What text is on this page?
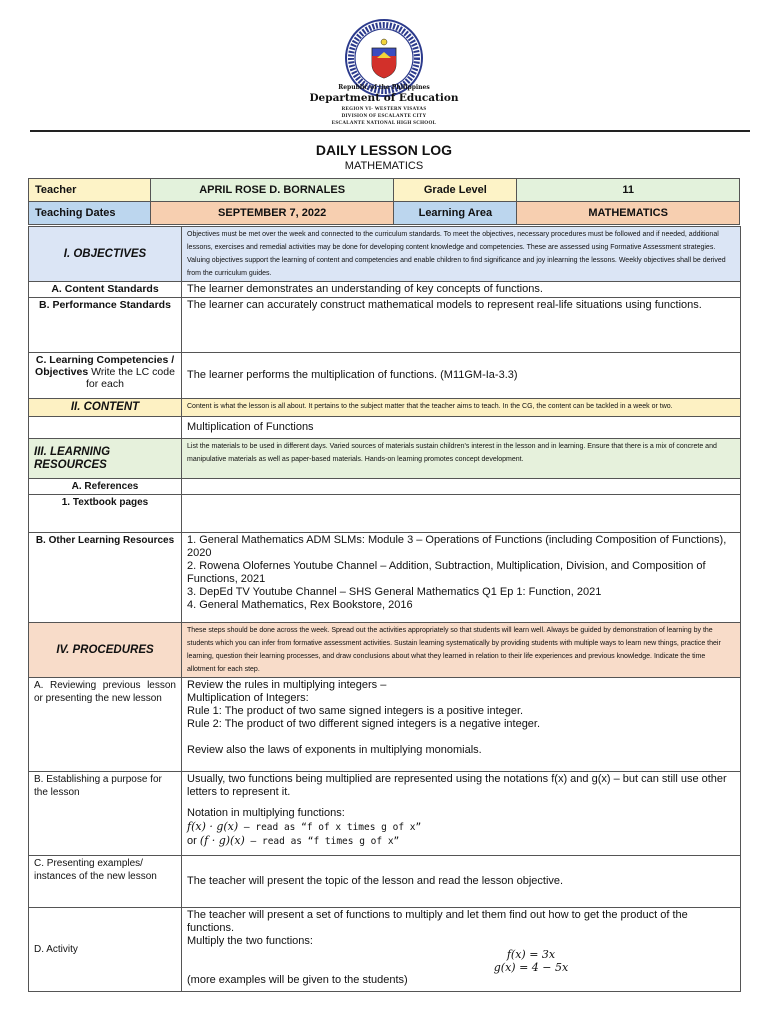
Republic of the Philippines
Department of Education
REGION VI- WESTERN VISAYAS
DIVISION OF ESCALANTE CITY
ESCALANTE NATIONAL HIGH SCHOOL
DAILY LESSON LOG
MATHEMATICS
Teacher	APRIL ROSE D. BORNALES	Grade Level	11
Teaching Dates	SEPTEMBER 7, 2022	Learning Area	MATHEMATICS
I. OBJECTIVES	Objectives must be met over the week and connected to the curriculum standards. To meet the objectives, necessary procedures must be followed and if needed, additional lessons, exercises and remedial activities may be done for developing content knowledge and competencies. These are assessed using Formative Assessment strategies. Valuing objectives support the learning of content and competencies and enable children to find significance and joy inlearning the lessons. Weekly objectives shall be derived from the curriculum guides.
A. Content Standards	The learner demonstrates an understanding of key concepts of functions.
B. Performance Standards	The learner can accurately construct mathematical models to represent real-life situations using functions.

C. Learning Competencies /
Objectives Write the LC code for each	The learner performs the multiplication of functions. (M11GM-Ia-3.3)
II. CONTENT	Content is what the lesson is all about. It pertains to the subject matter that the teacher aims to teach. In the CG, the content can be tackled in a week or two.
	Multiplication of Functions
III. LEARNING RESOURCES	List the materials to be used in different days. Varied sources of materials sustain children's interest in the lesson and in learning. Ensure that there is a mix of concrete and manipulative materials as well as paper-based materials. Hands-on learning promotes concept development.
A. References	
1. Textbook pages	
B. Other Learning Resources	1. General Mathematics ADM SLMs: Module 3 – Operations of Functions (including Composition of Functions), 2020
2. Rowena Olofernes Youtube Channel – Addition, Subtraction, Multiplication, Division, and Composition of Functions, 2021
3. DepEd TV Youtube Channel – SHS General Mathematics Q1 Ep 1: Function, 2021
4. General Mathematics, Rex Bookstore, 2016

IV. PROCEDURES	These steps should be done across the week. Spread out the activities appropriately so that students will learn well. Always be guided by demonstration of learning by the students which you can infer from formative assessment activities. Sustain learning systematically by providing students with multiple ways to learn new things, practice their learning, question their learning processes, and draw conclusions about what they learned in relation to their life experiences and previous knowledge. Indicate the time allotment for each step.
A. Reviewing previous lesson or presenting the new lesson	Review the rules in multiplying integers –
Multiplication of Integers:
Rule 1: The product of two same signed integers is a positive integer.
Rule 2: The product of two different signed integers is a negative integer.
Review also the laws of exponents in multiplying monomials.

B. Establishing a purpose for the lesson	Usually, two functions being multiplied are represented using the notations f(x) and g(x) – but can still use other letters to represent it.
Notation in multiplying functions:
f(x) · g(x) – read as “f of x times g of x”
or (f · g)(x) – read as “f times g of x”

C. Presenting examples/ instances of the new lesson	The teacher will present the topic of the lesson and read the lesson objective.
D. Activity	The teacher will present a set of functions to multiply and let them find out how to get the product of the functions.
Multiply the two functions:
f(x) = 3x
g(x) = 4 − 5x
(more examples will be given to the students)
